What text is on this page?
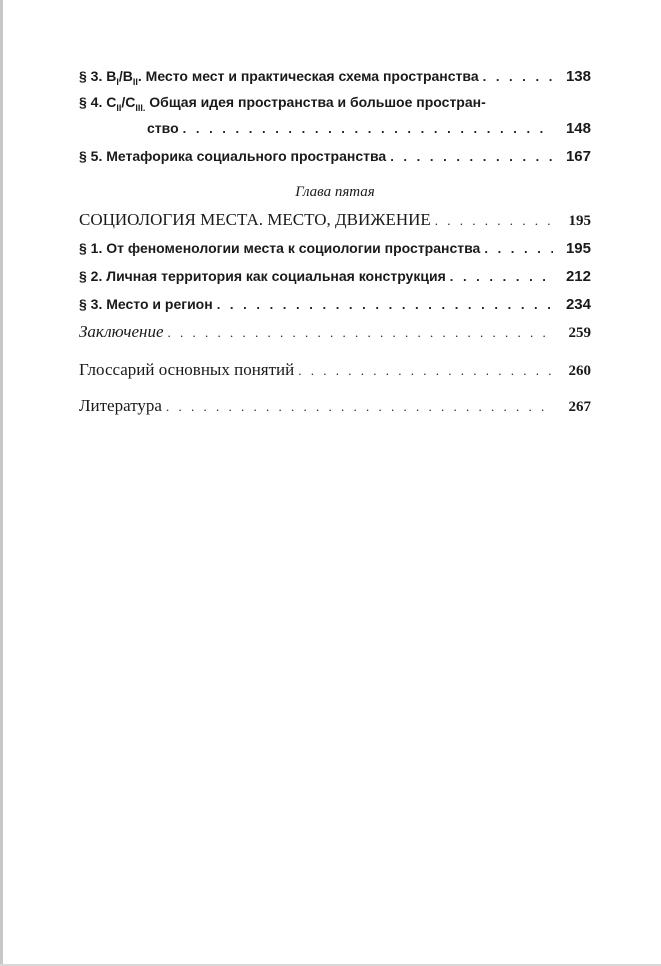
§ 3. $B_I/B_{II}$. Место мест и практическая схема пространства . . .	138
§ 4. $C_{II}/C_{III.}$ Общая идея пространства и большое простран-
ство . . .	148
§ 5. Метафорика социального пространства . . .	167
Глава пятая
СОЦИОЛОГИЯ МЕСТА. МЕСТО, ДВИЖЕНИЕ . . .	195
§ 1. От феноменологии места к социологии пространства . . .	195
§ 2. Личная территория как социальная конструкция . . .	212
§ 3. Место и регион . . .	234
Заключение . . .	259
Глоссарий основных понятий . . .	260
Литература . . .	267
